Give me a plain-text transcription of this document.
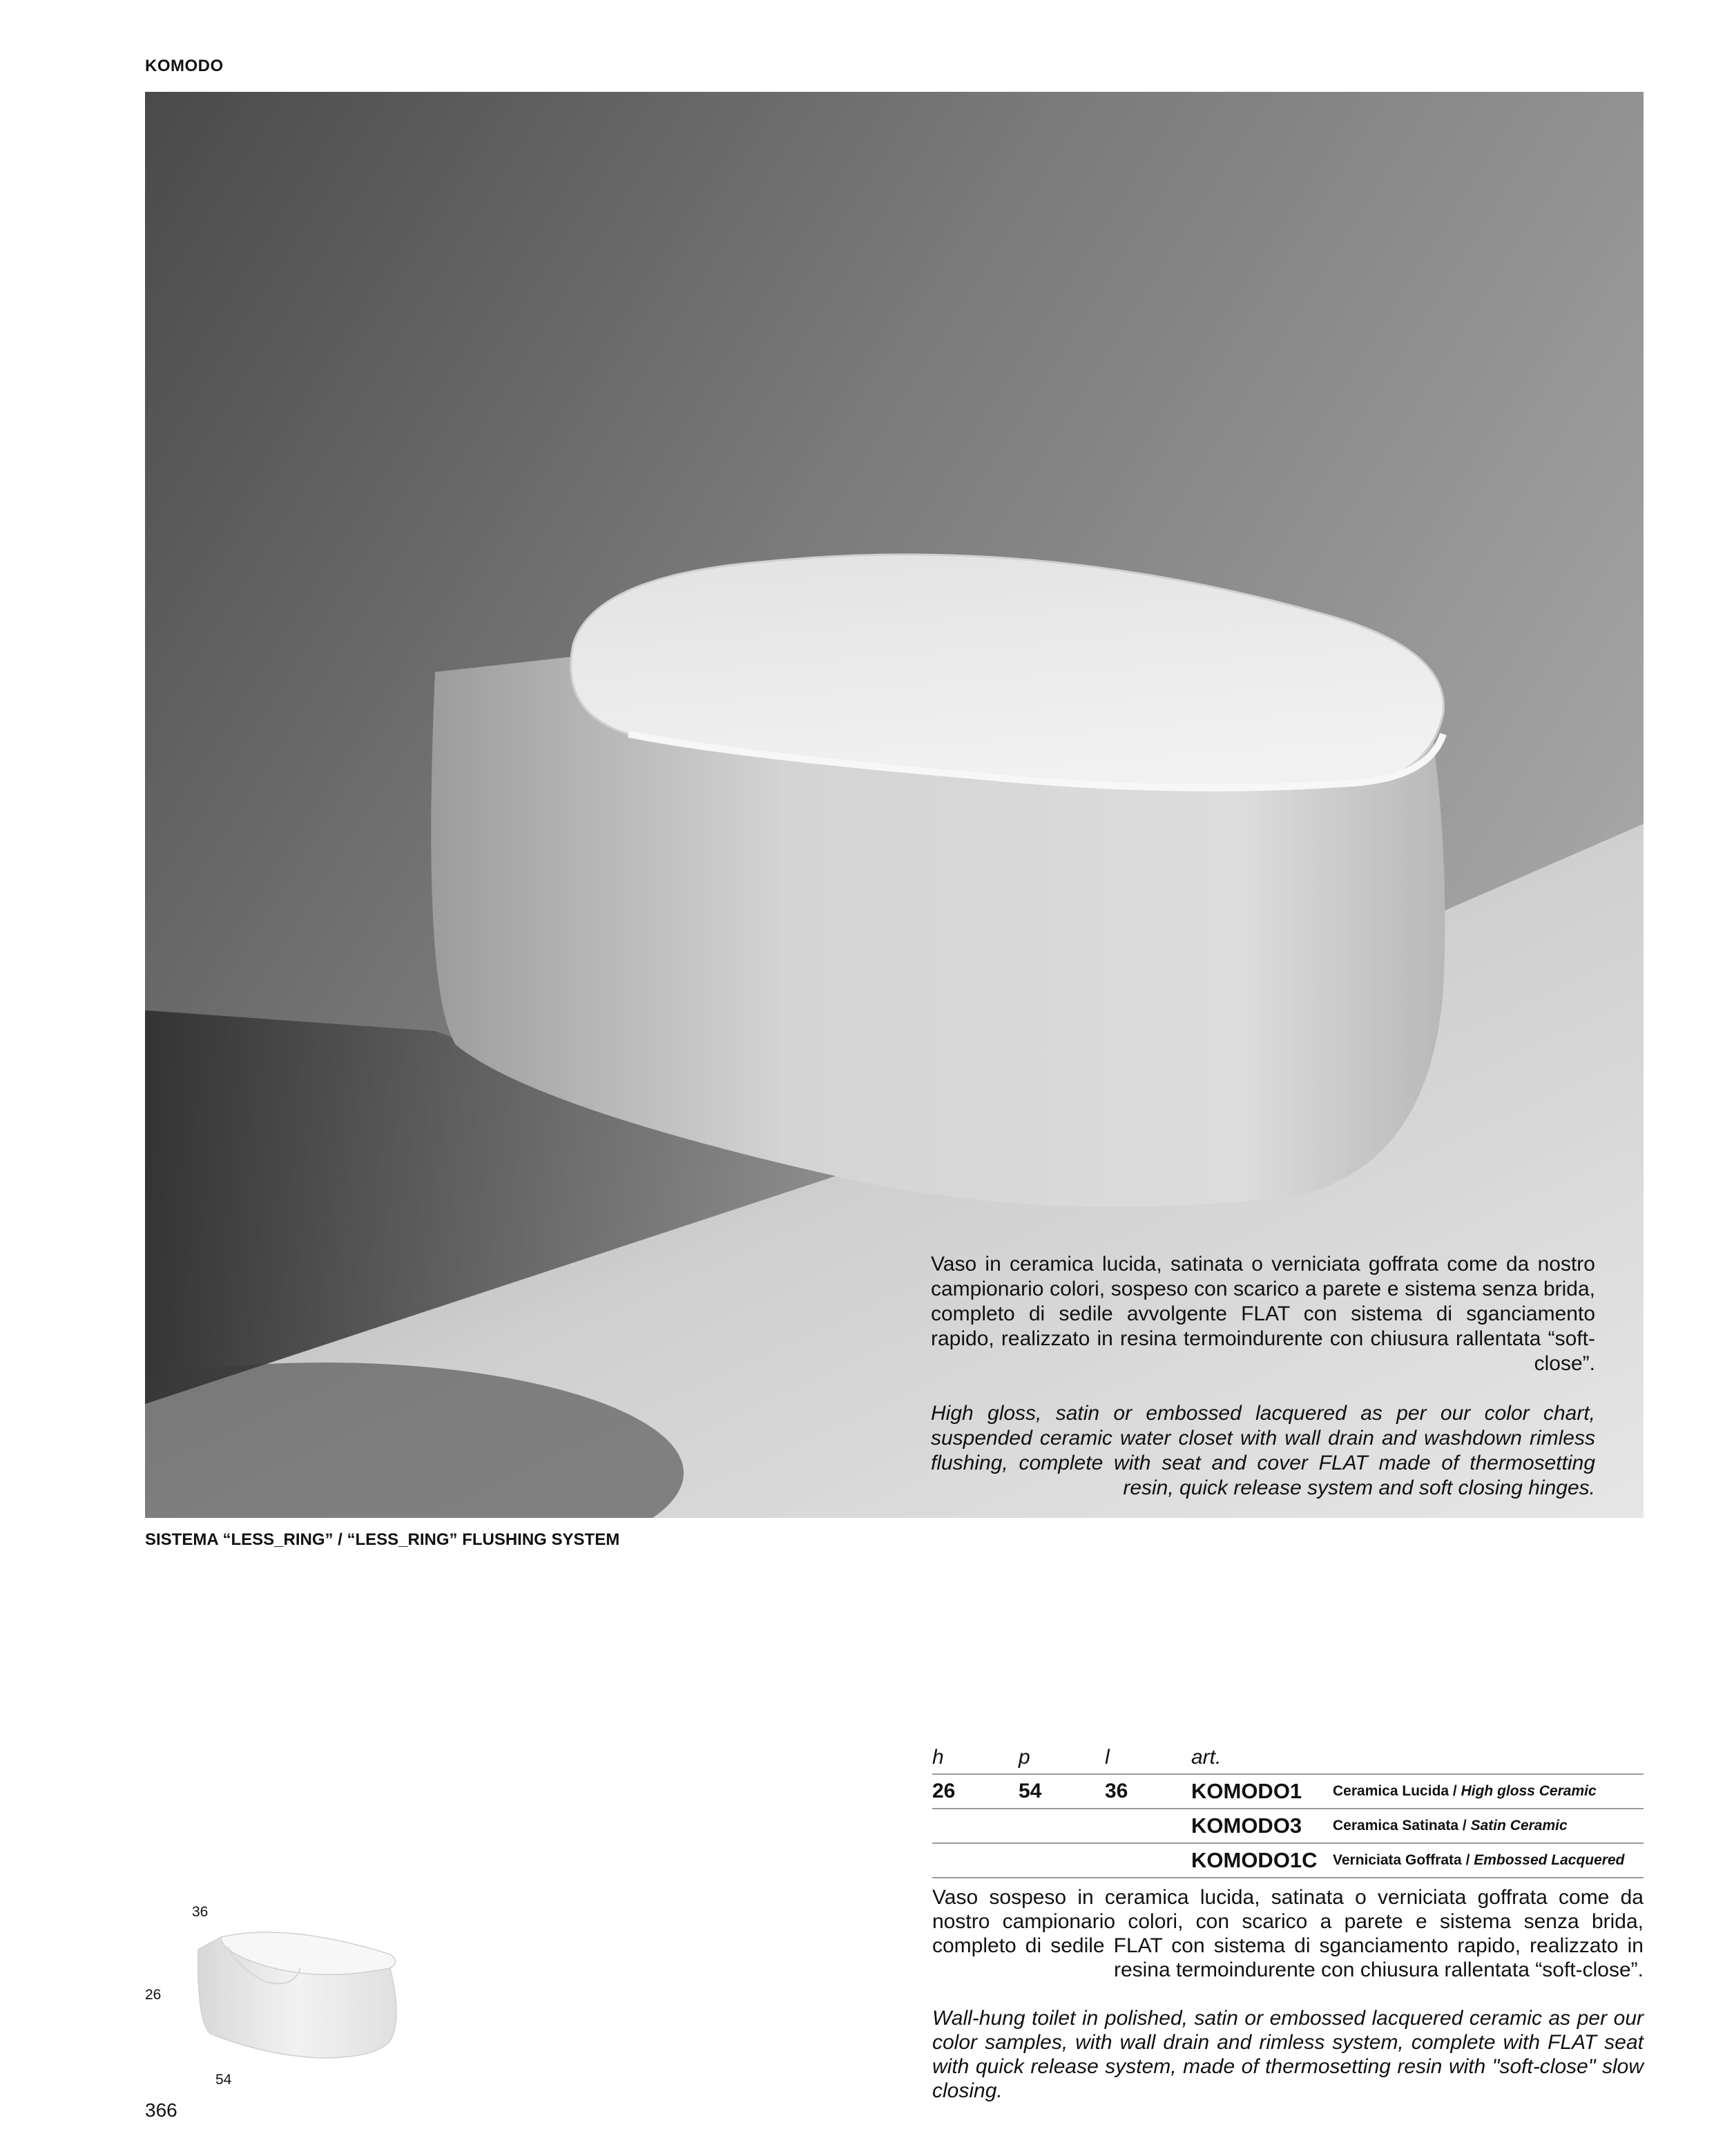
KOMODO

Vaso in ceramica lucida, satinata o verniciata goffrata come da nostro campionario colori, sospeso con scarico a parete e sistema senza brida, completo di sedile avvolgente FLAT con sistema di sganciamento rapido, realizzato in resina termoindurente con chiusura rallentata “soft-close”.

High gloss, satin or embossed lacquered as per our color chart, suspended ceramic water closet with wall drain and washdown rimless flushing, complete with seat and cover FLAT made of thermosetting resin, quick release system and soft closing hinges.

SISTEMA “LESS_RING” / “LESS_RING” FLUSHING SYSTEM
h	p	l	art.	
26	54	36	KOMODO1	Ceramica Lucida / High gloss Ceramic
			KOMODO3	Ceramica Satinata / Satin Ceramic
			KOMODO1C	Verniciata Goffrata / Embossed Lacquered

Vaso sospeso in ceramica lucida, satinata o verniciata goffrata come da nostro campionario colori, con scarico a parete e sistema senza brida, completo di sedile FLAT con sistema di sganciamento rapido, realizzato in resina termoindurente con chiusura rallentata “soft-close”.

Wall-hung toilet in polished, satin or embossed lacquered ceramic as per our color samples, with wall drain and rimless system, complete with FLAT seat with quick release system, made of thermosetting resin with "soft-close" slow closing.

36
26
54
366
